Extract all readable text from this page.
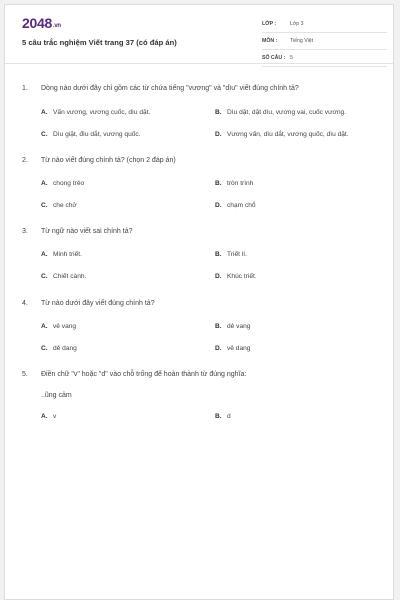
2048.vn
5 câu trắc nghiệm Viết trang 37 (có đáp án)
LỚP :	Lớp 3
MÔN : Tiếng Việt
SỐ CÂU : 5
1. Dòng nào dưới đây chỉ gồm các từ chứa tiếng "vương" và "dìu" viết đúng chính tả?
A. Vấn vương, vương cuốc, dìu dặt.	B. Dìu dặt, dặt dìu, vương vai, cuốc vương.
C. Dìu giặt, đìu dắt, vương quốc.	D. Vương vấn, dìu dắt, vương quốc, dìu dặt.
2. Từ nào viết đúng chính tả? (chọn 2 đáp án)
A. chong trẻo	B. tròn trình
C. che chở	D. chạm chổ
3. Từ ngữ nào viết sai chính tả?
A. Minh triết.	B. Triết lí.
C. Chiết cành.	D. Khúc triết.
4. Từ nào dưới đây viết đúng chính tả?
A. vẻ vang	B. dẻ vang
C. dẻ dang	D. vẻ dang
5. Điền chữ "v" hoặc "d" vào chỗ trống để hoàn thành từ đúng nghĩa:
..ũng cảm
A. v	B. d
